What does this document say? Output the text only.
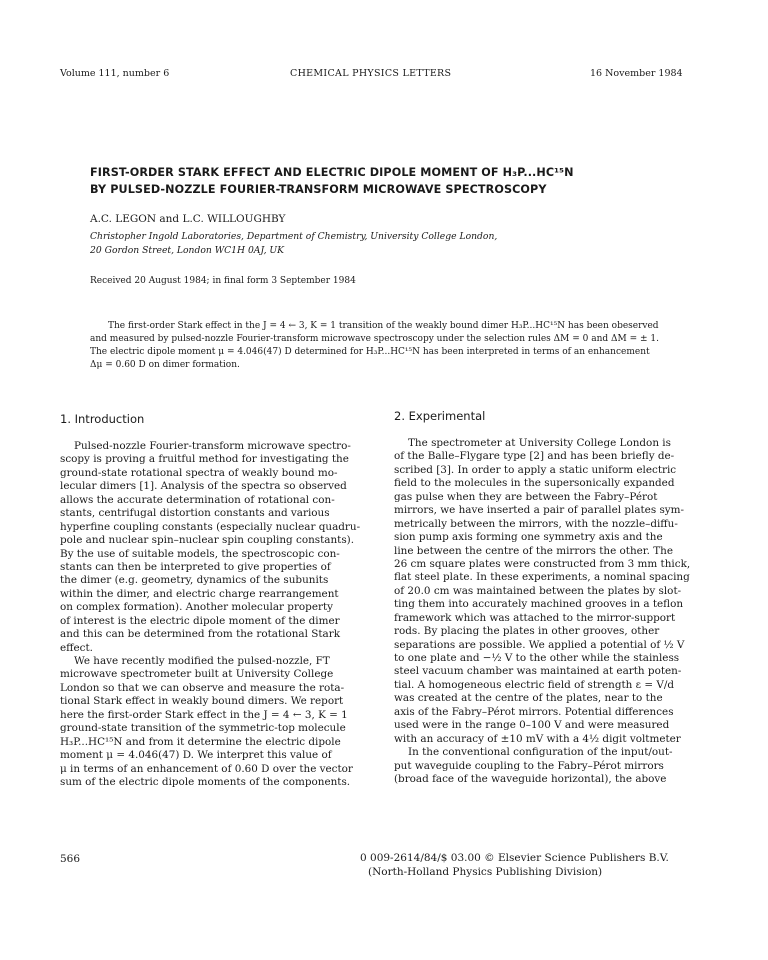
Volume 111, number 6	CHEMICAL PHYSICS LETTERS	16 November 1984
FIRST-ORDER STARK EFFECT AND ELECTRIC DIPOLE MOMENT OF H₃P...HC¹⁵N
BY PULSED-NOZZLE FOURIER-TRANSFORM MICROWAVE SPECTROSCOPY
A.C. LEGON and L.C. WILLOUGHBY
Christopher Ingold Laboratories, Department of Chemistry, University College London,
20 Gordon Street, London WC1H 0AJ, UK
Received 20 August 1984; in final form 3 September 1984
The first-order Stark effect in the J = 4 ← 3, K = 1 transition of the weakly bound dimer H₃P...HC¹⁵N has been obeserved
and measured by pulsed-nozzle Fourier-transform microwave spectroscopy under the selection rules ΔM = 0 and ΔM = ± 1.
The electric dipole moment μ = 4.046(47) D determined for H₃P...HC¹⁵N has been interpreted in terms of an enhancement
Δμ = 0.60 D on dimer formation.
1. Introduction	2. Experimental
Pulsed-nozzle Fourier-transform microwave spectro-
scopy is proving a fruitful method for investigating the
ground-state rotational spectra of weakly bound mo-
lecular dimers [1]. Analysis of the spectra so observed
allows the accurate determination of rotational con-
stants, centrifugal distortion constants and various
hyperfine coupling constants (especially nuclear quadru-
pole and nuclear spin–nuclear spin coupling constants).
By the use of suitable models, the spectroscopic con-
stants can then be interpreted to give properties of
the dimer (e.g. geometry, dynamics of the subunits
within the dimer, and electric charge rearrangement
on complex formation). Another molecular property
of interest is the electric dipole moment of the dimer
and this can be determined from the rotational Stark
effect.
We have recently modified the pulsed-nozzle, FT
microwave spectrometer built at University College
London so that we can observe and measure the rota-
tional Stark effect in weakly bound dimers. We report
here the first-order Stark effect in the J = 4 ← 3, K = 1
ground-state transition of the symmetric-top molecule
H₃P...HC¹⁵N and from it determine the electric dipole
moment μ = 4.046(47) D. We interpret this value of
μ in terms of an enhancement of 0.60 D over the vector
sum of the electric dipole moments of the components.
The spectrometer at University College London is
of the Balle–Flygare type [2] and has been briefly de-
scribed [3]. In order to apply a static uniform electric
field to the molecules in the supersonically expanded
gas pulse when they are between the Fabry–Pérot
mirrors, we have inserted a pair of parallel plates sym-
metrically between the mirrors, with the nozzle–diffu-
sion pump axis forming one symmetry axis and the
line between the centre of the mirrors the other. The
26 cm square plates were constructed from 3 mm thick,
flat steel plate. In these experiments, a nominal spacing
of 20.0 cm was maintained between the plates by slot-
ting them into accurately machined grooves in a teflon
framework which was attached to the mirror-support
rods. By placing the plates in other grooves, other
separations are possible. We applied a potential of ½ V
to one plate and −½ V to the other while the stainless
steel vacuum chamber was maintained at earth poten-
tial. A homogeneous electric field of strength ε = V/d
was created at the centre of the plates, near to the
axis of the Fabry–Pérot mirrors. Potential differences
used were in the range 0–100 V and were measured
with an accuracy of ±10 mV with a 4½ digit voltmeter
In the conventional configuration of the input/out-
put waveguide coupling to the Fabry–Pérot mirrors
(broad face of the waveguide horizontal), the above
566	0 009-2614/84/$ 03.00 © Elsevier Science Publishers B.V.
(North-Holland Physics Publishing Division)
